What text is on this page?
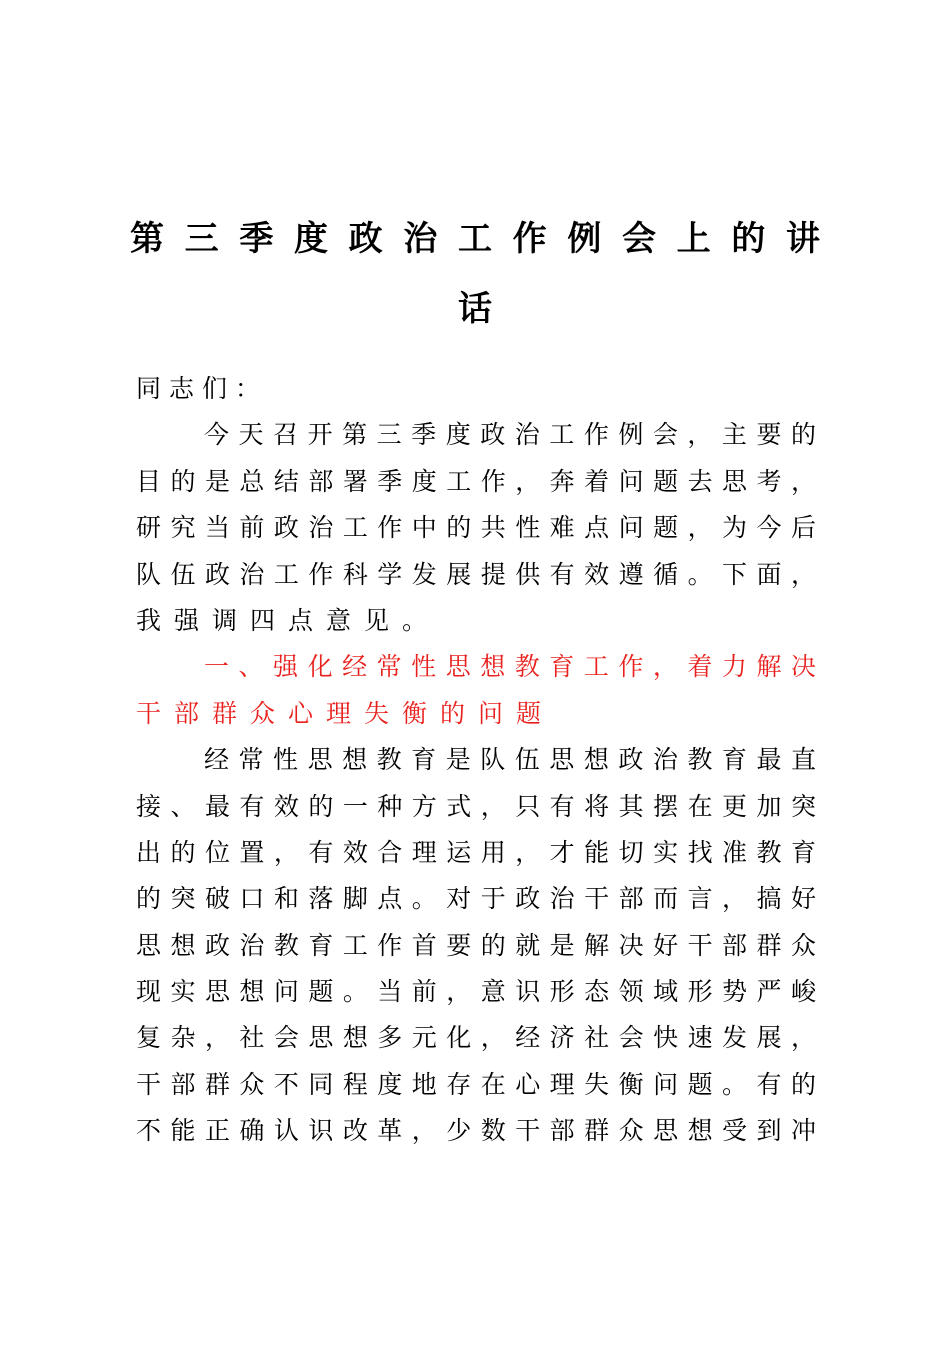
第三季度政治工作例会上的讲
话
同志们：
今天召开第三季度政治工作例会，主要的
目的是总结部署季度工作，奔着问题去思考，
研究当前政治工作中的共性难点问题，为今后
队伍政治工作科学发展提供有效遵循。下面，
我强调四点意见。
一、强化经常性思想教育工作，着力解决
干部群众心理失衡的问题
经常性思想教育是队伍思想政治教育最直
接、最有效的一种方式，只有将其摆在更加突
出的位置，有效合理运用，才能切实找准教育
的突破口和落脚点。对于政治干部而言，搞好
思想政治教育工作首要的就是解决好干部群众
现实思想问题。当前，意识形态领域形势严峻
复杂，社会思想多元化，经济社会快速发展，
干部群众不同程度地存在心理失衡问题。有的
不能正确认识改革，少数干部群众思想受到冲
